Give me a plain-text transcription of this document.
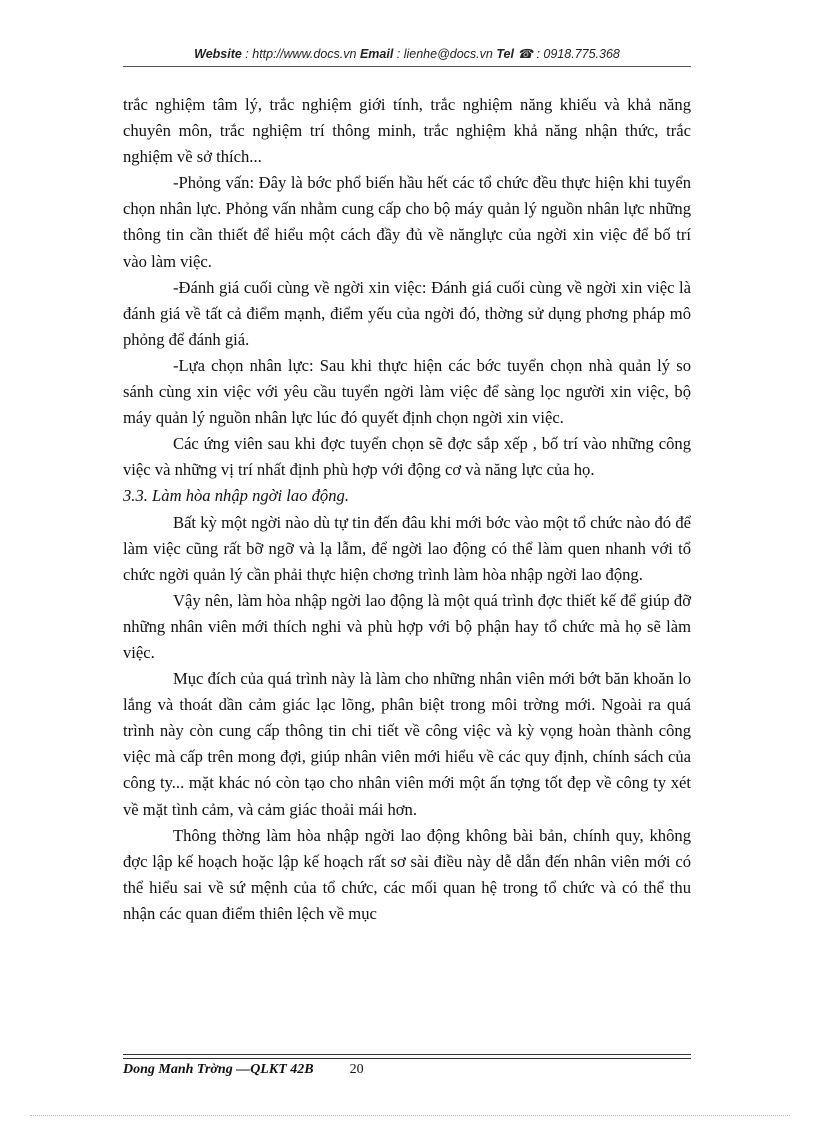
Website : http://www.docs.vn Email : lienhe@docs.vn Tel ☎ : 0918.775.368

trắc nghiệm tâm lý, trắc nghiệm giới tính, trắc nghiệm năng khiếu và khả năng chuyên môn, trắc nghiệm trí thông minh, trắc nghiệm khả năng nhận thức, trắc nghiệm về sở thích...

-Phỏng vấn: Đây là bớc phổ biến hầu hết các tổ chức đều thực hiện khi tuyển chọn nhân lực. Phỏng vấn nhằm cung cấp cho bộ máy quản lý nguồn nhân lực những thông tin cần thiết để hiểu một cách đầy đủ về nănglực của ngời xin việc để bố trí vào làm việc.

-Đánh giá cuối cùng về ngời xin việc: Đánh giá cuối cùng về ngời xin việc là đánh giá về tất cả điểm mạnh, điểm yếu của ngời đó, thờng sử dụng phơng pháp mô phỏng để đánh giá.

-Lựa chọn nhân lực: Sau khi thực hiện các bớc tuyển chọn nhà quản lý so sánh cùng xin việc với yêu cầu tuyển ngời làm việc để sàng lọc người xin việc, bộ máy quản lý nguồn nhân lực lúc đó quyết định chọn ngời xin việc.

Các ứng viên sau khi đợc tuyển chọn sẽ đợc sắp xếp , bố trí vào những công việc và những vị trí nhất định phù hợp với động cơ và năng lực của họ.

3.3. Làm hòa nhập ngời lao động.

Bất kỳ một ngời nào dù tự tin đến đâu khi mới bớc vào một tổ chức nào đó để làm việc cũng rất bỡ ngỡ và lạ lẫm, để ngời lao động có thể làm quen nhanh với tổ chức ngời quản lý cần phải thực hiện chơng trình làm hòa nhập ngời lao động.

Vậy nên, làm hòa nhập ngời lao động là một quá trình đợc thiết kế để giúp đỡ những nhân viên mới thích nghi và phù hợp với bộ phận hay tổ chức mà họ sẽ làm việc.

Mục đích của quá trình này là làm cho những nhân viên mới bớt băn khoăn lo lắng và thoát dần cảm giác lạc lõng, phân biệt trong môi trờng mới. Ngoài ra quá trình này còn cung cấp thông tin chi tiết về công việc và kỳ vọng hoàn thành công việc mà cấp trên mong đợi, giúp nhân viên mới hiểu về các quy định, chính sách của công ty... mặt khác nó còn tạo cho nhân viên mới một ấn tợng tốt đẹp về công ty xét về mặt tình cảm, và cảm giác thoải mái hơn.

Thông thờng làm hòa nhập ngời lao động không bài bản, chính quy, không đợc lập kế hoạch hoặc lập kế hoạch rất sơ sài điều này dễ dẫn đến nhân viên mới có thể hiểu sai về sứ mệnh của tổ chức, các mối quan hệ trong tổ chức và có thể thu nhận các quan điểm thiên lệch về mục

Dong Manh Trờng —QLKT 42B	20
